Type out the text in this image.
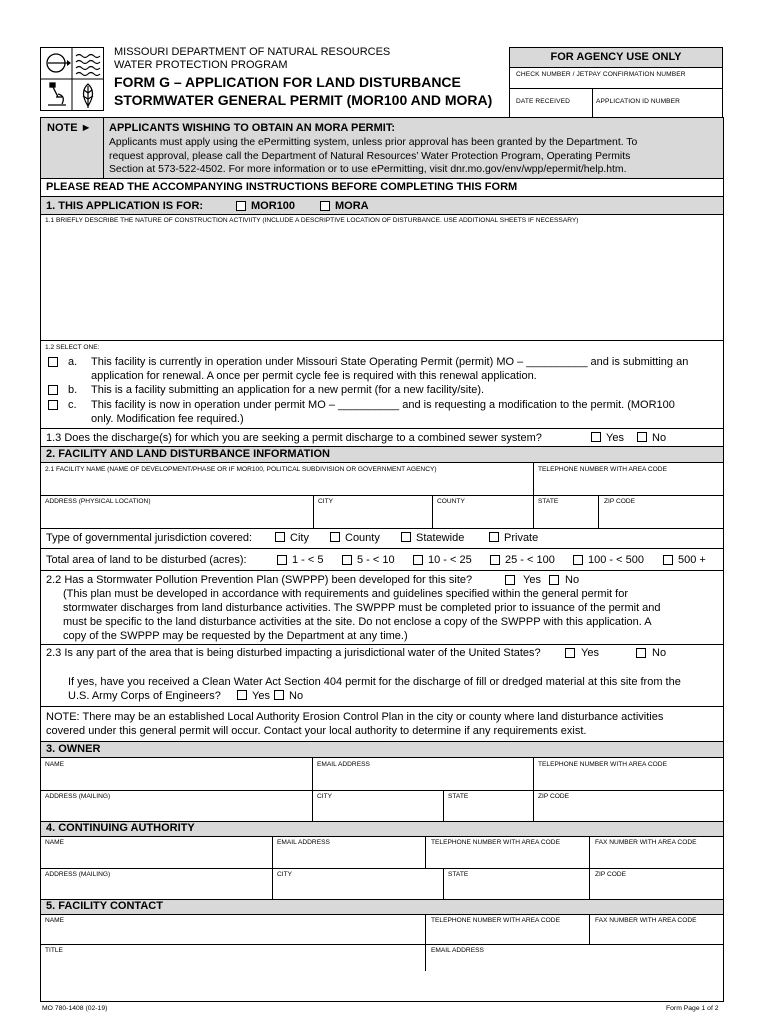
MISSOURI DEPARTMENT OF NATURAL RESOURCES
WATER PROTECTION PROGRAM
FORM G – APPLICATION FOR LAND DISTURBANCE
STORMWATER GENERAL PERMIT (MOR100 AND MORA)
FOR AGENCY USE ONLY
CHECK NUMBER / JETPAY CONFIRMATION NUMBER
DATE RECEIVED	APPLICATION ID NUMBER
NOTE ► APPLICANTS WISHING TO OBTAIN AN MORA PERMIT:
Applicants must apply using the ePermitting system, unless prior approval has been granted by the Department. To
request approval, please call the Department of Natural Resources’ Water Protection Program, Operating Permits
Section at 573-522-4502. For more information or to use ePermitting, visit dnr.mo.gov/env/wpp/epermit/help.htm.
PLEASE READ THE ACCOMPANYING INSTRUCTIONS BEFORE COMPLETING THIS FORM
1. THIS APPLICATION IS FOR:	MOR100	MORA
1.1 BRIEFLY DESCRIBE THE NATURE OF CONSTRUCTION ACTIVIITY (INCLUDE A DESCRIPTIVE LOCATION OF DISTURBANCE. USE ADDITIONAL SHEETS IF NECESSARY)
1.2 SELECT ONE:
a. This facility is currently in operation under Missouri State Operating Permit (permit) MO – __________ and is submitting an
application for renewal. A once per permit cycle fee is required with this renewal application.
b. This is a facility submitting an application for a new permit (for a new facility/site).
c. This facility is now in operation under permit MO – __________ and is requesting a modification to the permit. (MOR100
only. Modification fee required.)
1.3 Does the discharge(s) for which you are seeking a permit discharge to a combined sewer system?	Yes	No
2. FACILITY AND LAND DISTURBANCE INFORMATION
2.1 FACILITY NAME (NAME OF DEVELOPMENT/PHASE OR IF MOR100, POLITICAL SUBDIVISION OR GOVERNMENT AGENCY)	TELEPHONE NUMBER WITH AREA CODE
ADDRESS (PHYSICAL LOCATION)	CITY	COUNTY	STATE	ZIP CODE
Type of governmental jurisdiction covered:	City	County	Statewide	Private
Total area of land to be disturbed (acres):	1 - < 5	5 - < 10	10 - < 25	25 - < 100	100 - < 500	500 +
2.2 Has a Stormwater Pollution Prevention Plan (SWPPP) been developed for this site?	Yes No
(This plan must be developed in accordance with requirements and guidelines specified within the general permit for
stormwater discharges from land disturbance activities. The SWPPP must be completed prior to issuance of the permit and
must be specific to the land disturbance activities at the site. Do not enclose a copy of the SWPPP with this application. A
copy of the SWPPP may be requested by the Department at any time.)
2.3 Is any part of the area that is being disturbed impacting a jurisdictional water of the United States?	Yes	No
If yes, have you received a Clean Water Act Section 404 permit for the discharge of fill or dredged material at this site from the
U.S. Army Corps of Engineers?	Yes No
NOTE: There may be an established Local Authority Erosion Control Plan in the city or county where land disturbance activities
covered under this general permit will occur. Contact your local authority to determine if any requirements exist.
3. OWNER
NAME	EMAIL ADDRESS	TELEPHONE NUMBER WITH AREA CODE
ADDRESS (MAILING)	CITY	STATE	ZIP CODE
4. CONTINUING AUTHORITY
NAME	EMAIL ADDRESS	TELEPHONE NUMBER WITH AREA CODE	FAX NUMBER WITH AREA CODE
ADDRESS (MAILING)	CITY	STATE	ZIP CODE
5. FACILITY CONTACT
NAME	TELEPHONE NUMBER WITH AREA CODE	FAX NUMBER WITH AREA CODE
TITLE	EMAIL ADDRESS
MO 780-1408 (02-19)	Form Page 1 of 2
